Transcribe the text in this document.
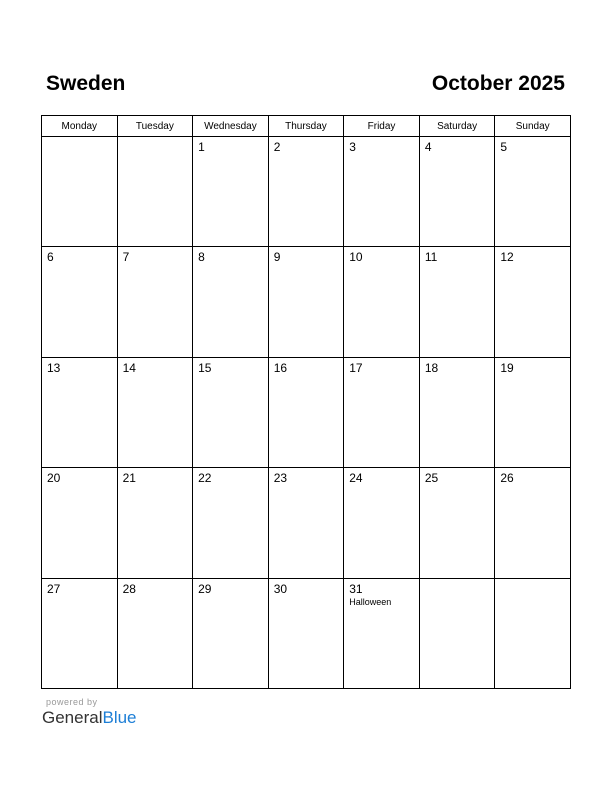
Sweden	October 2025
Monday	Tuesday	Wednesday	Thursday	Friday	Saturday	Sunday

		1	2	3	4	5

6	7	8	9	10	11	12

13	14	15	16	17	18	19

20	21	22	23	24	25	26

27	28	29	30	31
Halloween		

powered by
GeneralBlue
